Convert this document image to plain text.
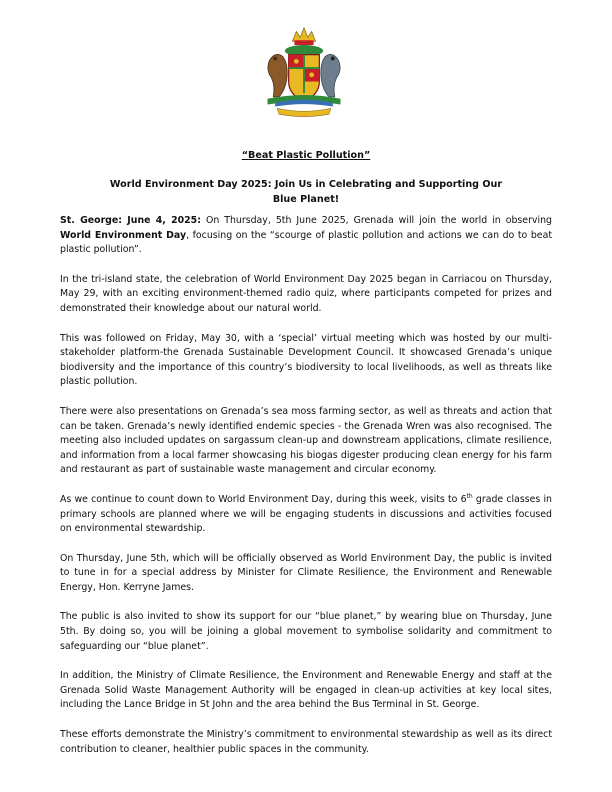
“Beat Plastic Pollution”
World Environment Day 2025: Join Us in Celebrating and Supporting Our
Blue Planet!

St. George: June 4, 2025: On Thursday, 5th June 2025, Grenada will join the world in observing World Environment Day, focusing on the “scourge of plastic pollution and actions we can do to beat plastic pollution”.

In the tri-island state, the celebration of World Environment Day 2025 began in Carriacou on Thursday, May 29, with an exciting environment-themed radio quiz, where participants competed for prizes and demonstrated their knowledge about our natural world.

This was followed on Friday, May 30, with a ‘special’ virtual meeting which was hosted by our multi-stakeholder platform-the Grenada Sustainable Development Council. It showcased Grenada’s unique biodiversity and the importance of this country’s biodiversity to local livelihoods, as well as threats like plastic pollution.

There were also presentations on Grenada’s sea moss farming sector, as well as threats and action that can be taken. Grenada’s newly identified endemic species - the Grenada Wren was also recognised. The meeting also included updates on sargassum clean-up and downstream applications, climate resilience, and information from a local farmer showcasing his biogas digester producing clean energy for his farm and restaurant as part of sustainable waste management and circular economy.

As we continue to count down to World Environment Day, during this week, visits to 6th grade classes in primary schools are planned where we will be engaging students in discussions and activities focused on environmental stewardship.

On Thursday, June 5th, which will be officially observed as World Environment Day, the public is invited to tune in for a special address by Minister for Climate Resilience, the Environment and Renewable Energy, Hon. Kerryne James.

The public is also invited to show its support for our “blue planet,” by wearing blue on Thursday, June 5th. By doing so, you will be joining a global movement to symbolise solidarity and commitment to safeguarding our “blue planet”.

In addition, the Ministry of Climate Resilience, the Environment and Renewable Energy and staff at the Grenada Solid Waste Management Authority will be engaged in clean-up activities at key local sites, including the Lance Bridge in St John and the area behind the Bus Terminal in St. George.

These efforts demonstrate the Ministry’s commitment to environmental stewardship as well as its direct contribution to cleaner, healthier public spaces in the community.
